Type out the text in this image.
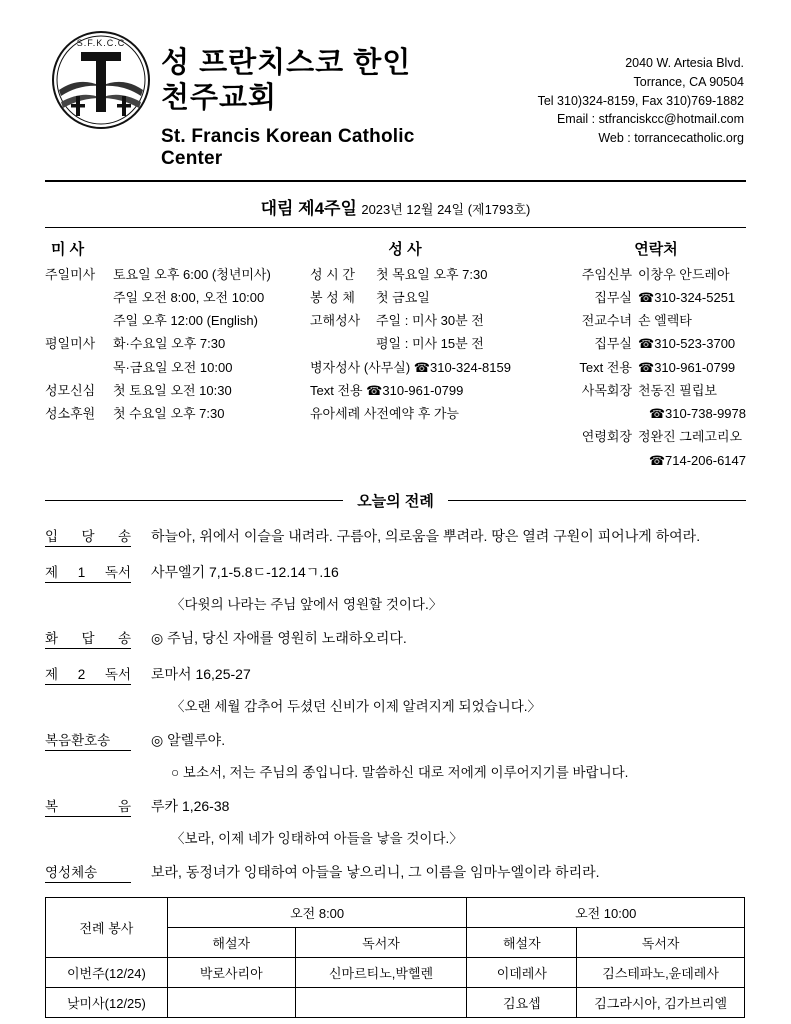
S.F.K.C.C
성 프란치스코 한인 천주교회
St. Francis Korean Catholic Center
2040 W. Artesia Blvd.
Torrance, CA 90504
Tel 310)324-8159, Fax 310)769-1882
Email : stfranciskcc@hotmail.com
Web : torrancecatholic.org
대림 제4주일 2023년 12월 24일 (제1793호)
미 사
주일미사	토요일 오후 6:00 (청년미사)
주일 오전 8:00, 오전 10:00
주일 오후 12:00 (English)
평일미사	화·수요일 오후 7:30
목·금요일 오전 10:00
성모신심	첫 토요일 오전 10:30
성소후원	첫 수요일 오후 7:30
성 사
성 시 간	첫 목요일 오후 7:30
봉 성 체	첫 금요일
고해성사	주일 : 미사 30분 전
평일 : 미사 15분 전
병자성사 (사무실) ☎310-324-8159
Text 전용 ☎310-961-0799
유아세례 사전예약 후 가능
연락처
주임신부 이창우 안드레아
집무실 ☎310-324-5251
전교수녀 손 엘렉타
집무실 ☎310-523-3700
Text 전용 ☎310-961-0799
사목회장 천동진 필립보
☎310-738-9978
연령회장 정완진 그레고리오
☎714-206-6147
오늘의 전례
입 당 송	하늘아, 위에서 이슬을 내려라. 구름아, 의로움을 뿌려라. 땅은 열려 구원이 피어나게 하여라.
제 1 독서	사무엘기 7,1-5.8ㄷ-12.14ㄱ.16
〈다윗의 나라는 주님 앞에서 영원할 것이다.〉
화 답 송	◎ 주님, 당신 자애를 영원히 노래하오리다.
제 2 독서	로마서 16,25-27
〈오랜 세월 감추어 두셨던 신비가 이제 알려지게 되었습니다.〉
복음환호송	◎ 알렐루야.
○ 보소서, 저는 주님의 종입니다. 말씀하신 대로 저에게 이루어지기를 바랍니다.
복 음	루카 1,26-38
〈보라, 이제 네가 잉태하여 아들을 낳을 것이다.〉
영성체송	보라, 동정녀가 잉태하여 아들을 낳으리니, 그 이름을 임마누엘이라 하리라.
전례 봉사	오전 8:00		오전 10:00	
	해설자	독서자	해설자	독서자
이번주(12/24)	박로사리아	신마르티노,박헬렌	이데레사	김스테파노,윤데레사
낮미사(12/25)			김요셉	김그라시아, 김가브리엘
